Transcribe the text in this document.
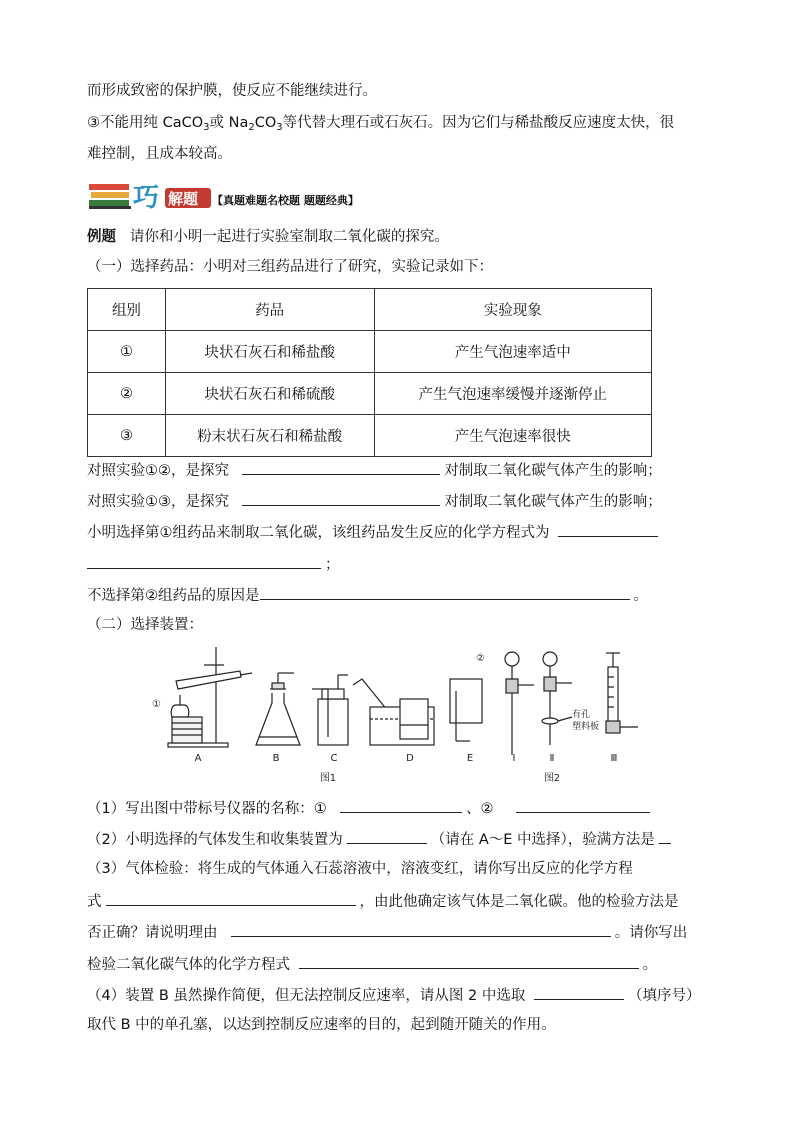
而形成致密的保护膜，使反应不能继续进行。
③不能用纯 CaCO$_3$或 $Na_2CO_3$等代替大理石或石灰石。因为它们与稀盐酸反应速度太快，很
难控制，且成本较高。
巧 解题 【真题难题名校题 题题经典】
例题 请你和小明一起进行实验室制取二氧化碳的探究。
（一）选择药品：小明对三组药品进行了研究，实验记录如下：
组别	药品	实验现象
①	块状石灰石和稀盐酸	产生气泡速率适中
②	块状石灰石和稀硫酸	产生气泡速率缓慢并逐渐停止
③	粉末状石灰石和稀盐酸	产生气泡速率很快
对照实验①②，是探究	对制取二氧化碳气体产生的影响；
对照实验①③，是探究	对制取二氧化碳气体产生的影响；
小明选择第①组药品来制取二氧化碳，该组药品发生反应的化学方程式为
；
不选择第②组药品的原因是	。
（二）选择装置：
①
②
有孔
塑料板
A	B	C	D	E	Ⅰ	Ⅱ	Ⅲ
图1	图2
（1）写出图中带标号仪器的名称：①	、②
（2）小明选择的气体发生和收集装置为	（请在 A～E 中选择），验满方法是
（3）气体检验：将生成的气体通入石蕊溶液中，溶液变红，请你写出反应的化学方程
式	，由此他确定该气体是二氧化碳。他的检验方法是
否正确？请说明理由	。请你写出
检验二氧化碳气体的化学方程式	。
（4）装置 B 虽然操作简便，但无法控制反应速率，请从图 2 中选取	（填序号）
取代 B 中的单孔塞，以达到控制反应速率的目的，起到随开随关的作用。
